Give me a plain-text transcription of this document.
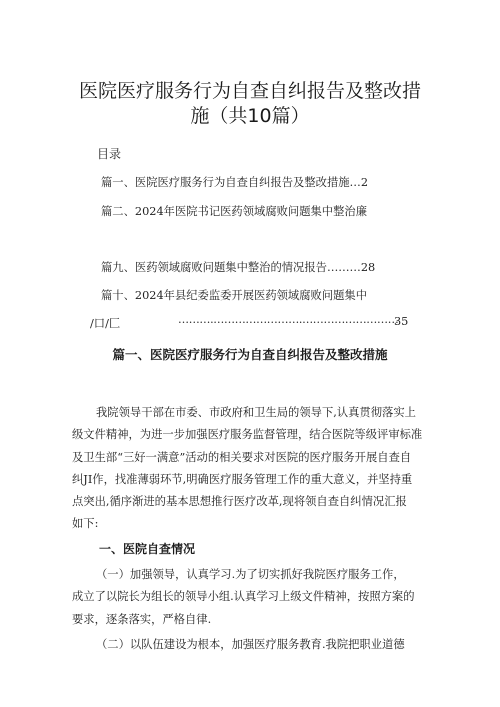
医院医疗服务行为自查自纠报告及整改措
施（共10篇）
目录
篇一、医院医疗服务行为自查自纠报告及整改措施…2
篇二、2024年医院书记医药领域腐败问题集中整治廉
篇九、医药领域腐败问题集中整治的情况报告………28
篇十、2024年县纪委监委开展医药领域腐败问题集中
/口/匚	……….…………………….………………………
35
篇一、医院医疗服务行为自查自纠报告及整改措施
我院领导干部在市委、市政府和卫生局的领导下,认真贯彻落实上
级文件精神，为进一步加强医疗服务监督管理，结合医院等级评审标准
及卫生部“三好一满意”活动的相关要求对医院的医疗服务开展自查自
纠JI作，找准薄弱环节,明确医疗服务管理工作的重大意义，并坚持重
点突出,循序渐进的基本思想推行医疗改革,现将领自查自纠情况汇报
如下:
一、医院自查情况
（一）加强领导，认真学习.为了切实抓好我院医疗服务工作，
成立了以院长为组长的领导小组.认真学习上级文件精神，按照方案的
要求，逐条落实，严格自律.
（二）以队伍建设为根本，加强医疗服务教育.我院把职业道德
